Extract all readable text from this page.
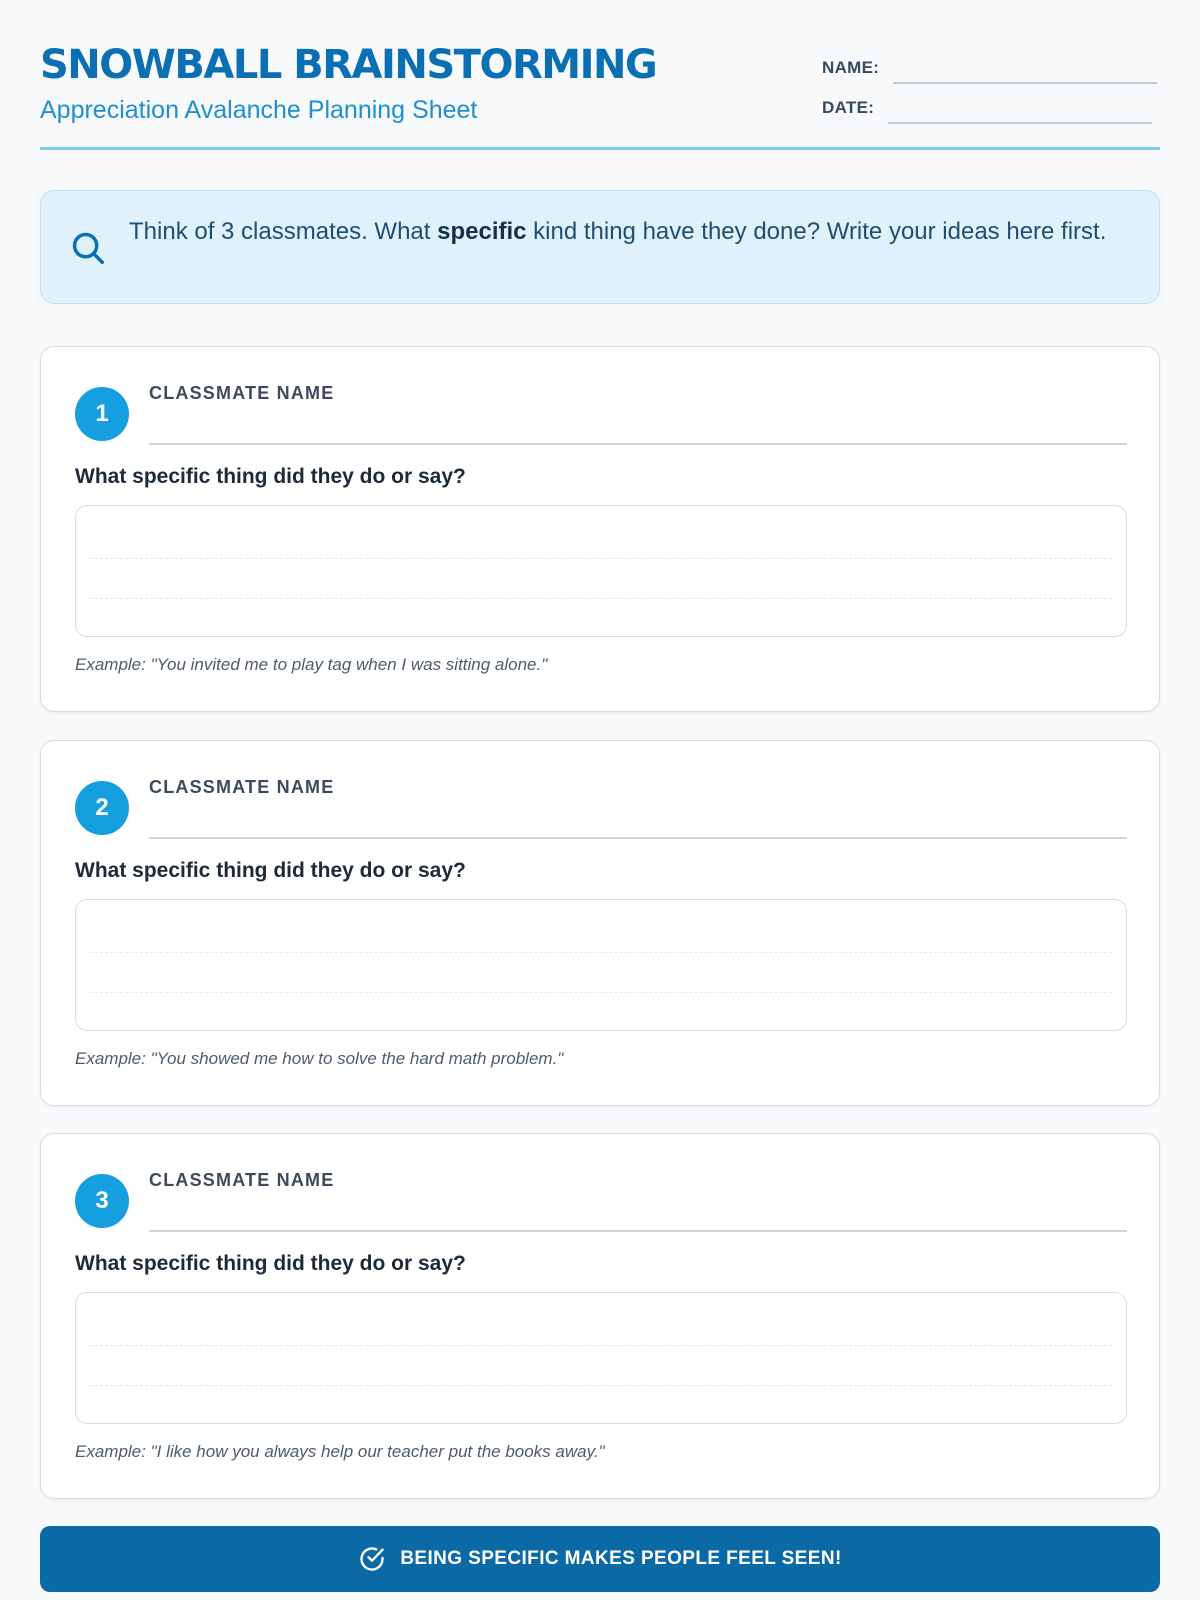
SNOWBALL BRAINSTORMING
Appreciation Avalanche Planning Sheet
NAME:
DATE:
Think of 3 classmates. What specific kind thing have they done? Write your ideas here first.
1
CLASSMATE NAME
What specific thing did they do or say?
Example: "You invited me to play tag when I was sitting alone."
2
CLASSMATE NAME
What specific thing did they do or say?
Example: "You showed me how to solve the hard math problem."
3
CLASSMATE NAME
What specific thing did they do or say?
Example: "I like how you always help our teacher put the books away."
BEING SPECIFIC MAKES PEOPLE FEEL SEEN!
